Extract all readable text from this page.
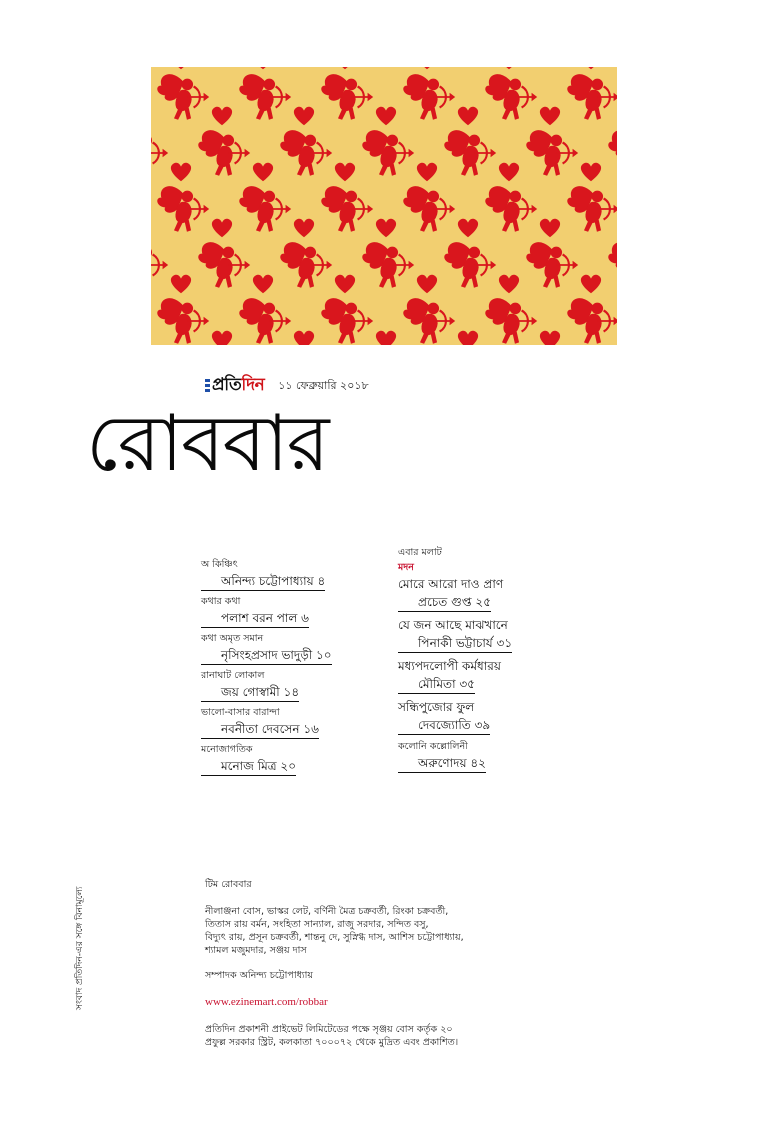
প্রতি দিন ১১ ফেব্রুয়ারি ২০১৮
রোববার
অ কিঞ্চিৎ
অনিন্দ্য চট্টোপাধ্যায় ৪
কথার কথা
পলাশ বরন পাল ৬
কথা অমৃত সমান
নৃসিংহপ্রসাদ ভাদুড়ী ১০
রানাঘাট লোকাল
জয় গোস্বামী ১৪
ভালো-বাসার বারান্দা
নবনীতা দেবসেন ১৬
মনোজাগতিক
মনোজ মিত্র ২০
এবার মলাট
মদন
মোরে আরো দাও প্রাণ
প্রচেত গুপ্ত ২৫
যে জন আছে মাঝখানে
পিনাকী ভট্টাচার্য ৩১
মধ্যপদলোপী কর্মধারয়
মৌমিতা ৩৫
সন্ধিপুজোর ফুল
দেবজ্যোতি ৩৯
কলোনি কল্লোলিনী
অরুণোদয় ৪২
সংবাদ প্রতিদিন-এর সঙ্গে বিনামূল্যে
টিম রোববার
নীলাঞ্জনা বোস, ভাস্কর লেট, বর্ণিনী মৈত্র চক্রবর্তী, রিংকা চক্রবর্তী,
তিতাস রায় বর্মন, সংহিতা সান্যাল, রাজু সরদার, সন্দিত বসু,
বিদ্যুৎ রায়, প্রসূন চক্রবর্তী, শান্তনু দে, সুস্নিগ্ধ দাস, আশিস চট্টোপাধ্যায়,
শ্যামল মজুমদার, সঞ্জয় দাস
সম্পাদক অনিন্দ্য চট্টোপাধ্যায়
www.ezinemart.com/robbar
প্রতিদিন প্রকাশনী প্রাইভেট লিমিটেডের পক্ষে সৃঞ্জয় বোস কর্তৃক ২০
প্রফুল্ল সরকার স্ট্রিট, কলকাতা ৭০০০৭২ থেকে মুদ্রিত এবং প্রকাশিত।
